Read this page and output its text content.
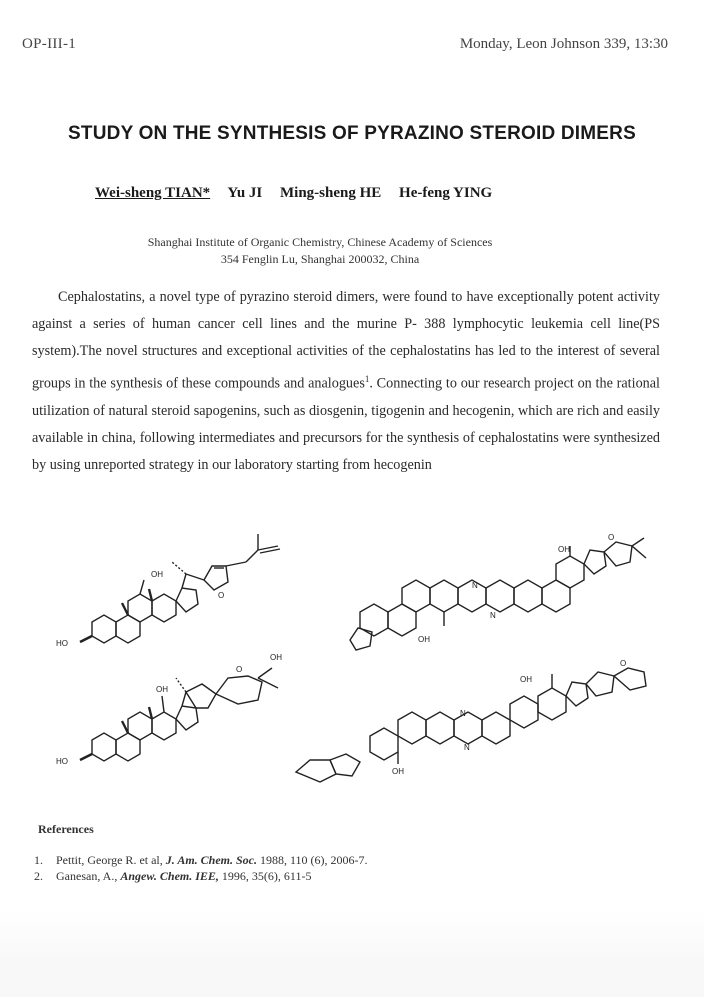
OP-III-1	Monday, Leon Johnson 339, 13:30
STUDY ON THE SYNTHESIS OF PYRAZINO STEROID DIMERS
Wei-sheng TIAN* Yu JI Ming-sheng HE He-feng YING
Shanghai Institute of Organic Chemistry, Chinese Academy of Sciences
354 Fenglin Lu, Shanghai 200032, China

Cephalostatins, a novel type of pyrazino steroid dimers, were found to have exceptionally potent activity against a series of human cancer cell lines and the murine P- 388 lymphocytic leukemia cell line(PS system).The novel structures and exceptional activities of the cephalostatins has led to the interest of several groups in the synthesis of these compounds and analogues$^1$. Connecting to our research project on the rational utilization of natural steroid sapogenins, such as diosgenin, tigogenin and hecogenin, which are rich and easily available in china, following intermediates and precursors for the synthesis of cephalostatins were synthesized by using unreported strategy in our laboratory starting from hecogenin

OH
HO
O
OH
OH
HO
O
N
N
OH
OH
O
N
N
OH
OH
O
References
1. Pettit, George R. et al, J. Am. Chem. Soc. 1988, 110 (6), 2006-7.
2. Ganesan, A., Angew. Chem. IEE, 1996, 35(6), 611-5
